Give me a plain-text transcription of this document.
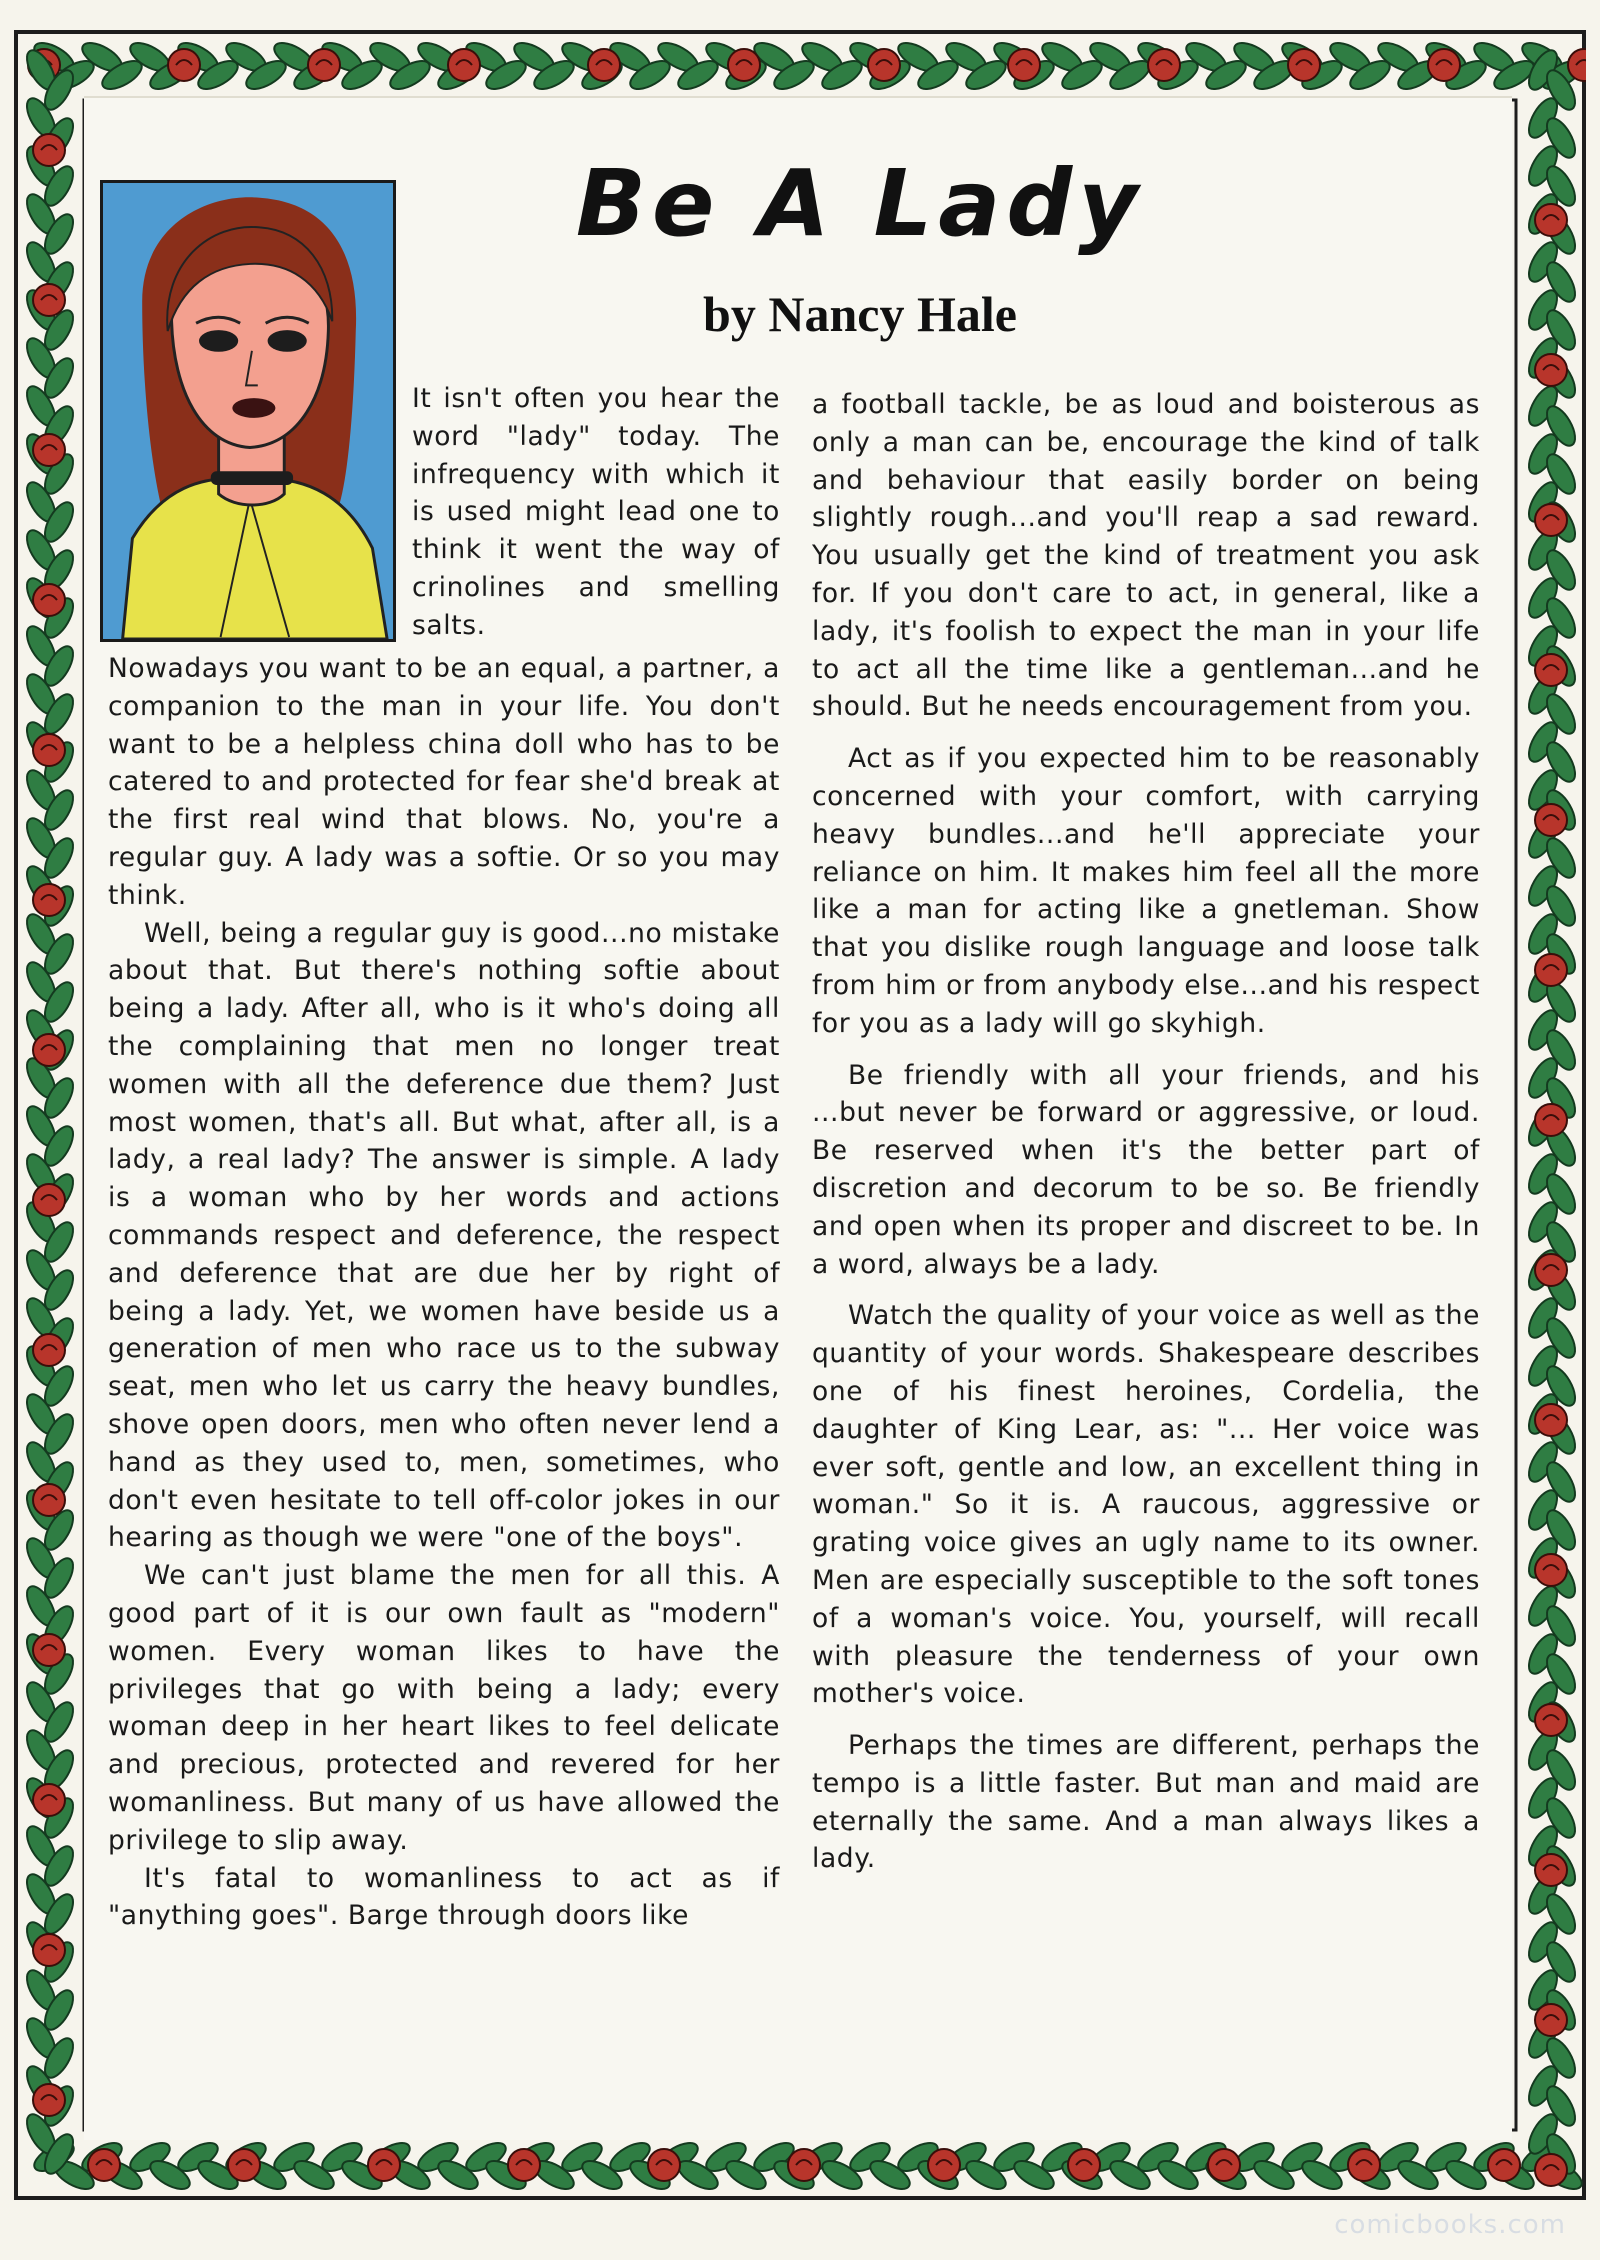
Be A Lady
by Nancy Hale

It isn't often you hear the word "lady" today. The infrequency with which it is used might lead one to think it went the way of crinolines and smelling salts.

Nowadays you want to be an equal, a partner, a companion to the man in your life. You don't want to be a helpless china doll who has to be catered to and protected for fear she'd break at the first real wind that blows. No, you're a regular guy. A lady was a softie. Or so you may think.

Well, being a regular guy is good...no mistake about that. But there's nothing softie about being a lady. After all, who is it who's doing all the complaining that men no longer treat women with all the deference due them? Just most women, that's all. But what, after all, is a lady, a real lady? The answer is simple. A lady is a woman who by her words and actions commands respect and deference, the respect and deference that are due her by right of being a lady. Yet, we women have beside us a generation of men who race us to the subway seat, men who let us carry the heavy bundles, shove open doors, men who often never lend a hand as they used to, men, sometimes, who don't even hesitate to tell off-color jokes in our hearing as though we were "one of the boys".

We can't just blame the men for all this. A good part of it is our own fault as "modern" women. Every woman likes to have the privileges that go with being a lady; every woman deep in her heart likes to feel delicate and precious, protected and revered for her womanliness. But many of us have allowed the privilege to slip away.

It's fatal to womanliness to act as if "anything goes". Barge through doors like

a football tackle, be as loud and boisterous as only a man can be, encourage the kind of talk and behaviour that easily border on being slightly rough...and you'll reap a sad reward. You usually get the kind of treatment you ask for. If you don't care to act, in general, like a lady, it's foolish to expect the man in your life to act all the time like a gentleman...and he should. But he needs encouragement from you.

Act as if you expected him to be reasonably concerned with your comfort, with carrying heavy bundles...and he'll appreciate your reliance on him. It makes him feel all the more like a man for acting like a gnetleman. Show that you dislike rough language and loose talk from him or from anybody else...and his respect for you as a lady will go skyhigh.

Be friendly with all your friends, and his ...but never be forward or aggressive, or loud. Be reserved when it's the better part of discretion and decorum to be so. Be friendly and open when its proper and discreet to be. In a word, always be a lady.

Watch the quality of your voice as well as the quantity of your words. Shakespeare describes one of his finest heroines, Cordelia, the daughter of King Lear, as: "... Her voice was ever soft, gentle and low, an excellent thing in woman." So it is. A raucous, aggressive or grating voice gives an ugly name to its owner. Men are especially susceptible to the soft tones of a woman's voice. You, yourself, will recall with pleasure the tenderness of your own mother's voice.

Perhaps the times are different, perhaps the tempo is a little faster. But man and maid are eternally the same. And a man always likes a lady.

comicbooks.com
